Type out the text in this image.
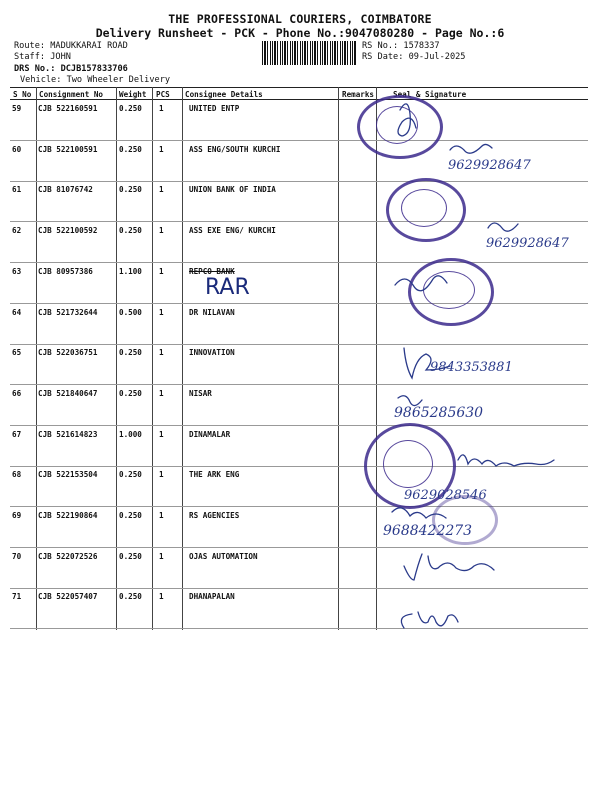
THE PROFESSIONAL COURIERS, COIMBATORE
Delivery Runsheet - PCK - Phone No.:9047080280 - Page No.:6
Route: MADUKKARAI ROAD
Staff: JOHN
DRS No.: DCJB157833706
Vehicle: Two Wheeler Delivery
RS No.: 1578337
RS Date: 09-Jul-2025
S No Consignment No Weight PCS Consignee Details	Remarks Seal & Signature
59 CJB 522160591	0.250 1	UNITED ENTP
60 CJB 522100591	0.250 1	ASS ENG/SOUTH KURCHI
61 CJB 81076742	0.250 1	UNION BANK OF INDIA
62 CJB 522100592	0.250 1	ASS EXE ENG/ KURCHI
63 CJB 80957386	1.100 1	REPCO BANK
64 CJB 521732644	0.500 1	DR NILAVAN
65 CJB 522036751	0.250 1	INNOVATION
66 CJB 521840647	0.250 1	NISAR
67 CJB 521614823	1.000 1	DINAMALAR
68 CJB 522153504	0.250 1	THE ARK ENG
69 CJB 522190864	0.250 1	RS AGENCIES
70 CJB 522072526	0.250 1	OJAS AUTOMATION
71 CJB 522057407	0.250 1	DHANAPALAN
9629928647
9629928647
RAR
9843353881
9865285630
9629028546
9688422273
